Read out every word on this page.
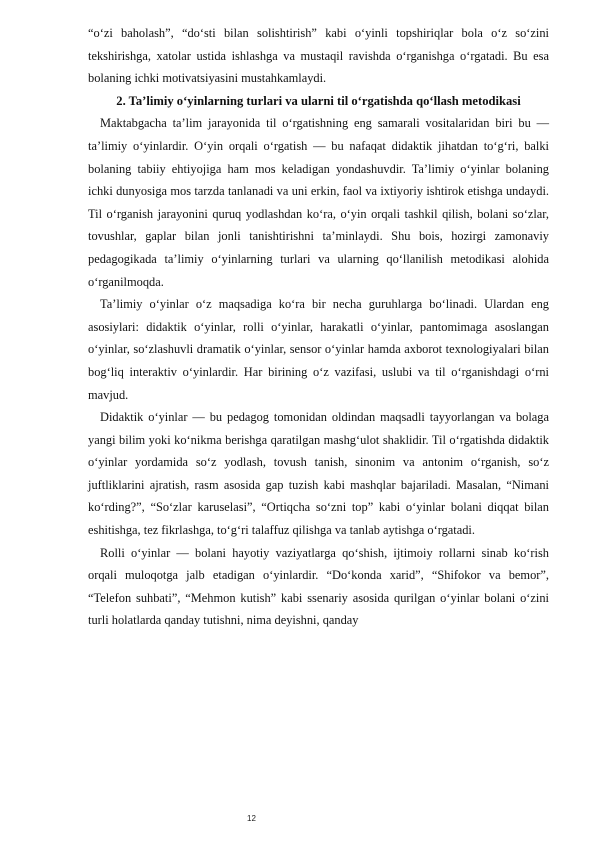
“o‘zi baholash”, “do‘sti bilan solishtirish” kabi o‘yinli topshiriqlar bola o‘z so‘zini tekshirishga, xatolar ustida ishlashga va mustaqil ravishda o‘rganishga o‘rgatadi. Bu esa bolaning ichki motivatsiyasini mustahkamlaydi.

2. Ta’limiy o‘yinlarning turlari va ularni til o‘rgatishda qo‘llash metodikasi

Maktabgacha ta’lim jarayonida til o‘rgatishning eng samarali vositalaridan biri bu — ta’limiy o‘yinlardir. O‘yin orqali o‘rgatish — bu nafaqat didaktik jihatdan to‘g‘ri, balki bolaning tabiiy ehtiyojiga ham mos keladigan yondashuvdir. Ta’limiy o‘yinlar bolaning ichki dunyosiga mos tarzda tanlanadi va uni erkin, faol va ixtiyoriy ishtirok etishga undaydi. Til o‘rganish jarayonini quruq yodlashdan ko‘ra, o‘yin orqali tashkil qilish, bolani so‘zlar, tovushlar, gaplar bilan jonli tanishtirishni ta’minlaydi. Shu bois, hozirgi zamonaviy pedagogikada ta’limiy o‘yinlarning turlari va ularning qo‘llanilish metodikasi alohida o‘rganilmoqda.

Ta’limiy o‘yinlar o‘z maqsadiga ko‘ra bir necha guruhlarga bo‘linadi. Ulardan eng asosiylari: didaktik o‘yinlar, rolli o‘yinlar, harakatli o‘yinlar, pantomimaga asoslangan o‘yinlar, so‘zlashuvli dramatik o‘yinlar, sensor o‘yinlar hamda axborot texnologiyalari bilan bog‘liq interaktiv o‘yinlardir. Har birining o‘z vazifasi, uslubi va til o‘rganishdagi o‘rni mavjud.

Didaktik o‘yinlar — bu pedagog tomonidan oldindan maqsadli tayyorlangan va bolaga yangi bilim yoki ko‘nikma berishga qaratilgan mashg‘ulot shaklidir. Til o‘rgatishda didaktik o‘yinlar yordamida so‘z yodlash, tovush tanish, sinonim va antonim o‘rganish, so‘z juftliklarini ajratish, rasm asosida gap tuzish kabi mashqlar bajariladi. Masalan, “Nimani ko‘rding?”, “So‘zlar karuselasi”, “Ortiqcha so‘zni top” kabi o‘yinlar bolani diqqat bilan eshitishga, tez fikrlashga, to‘g‘ri talaffuz qilishga va tanlab aytishga o‘rgatadi.

Rolli o‘yinlar — bolani hayotiy vaziyatlarga qo‘shish, ijtimoiy rollarni sinab ko‘rish orqali muloqotga jalb etadigan o‘yinlardir. “Do‘konda xarid”, “Shifokor va bemor”, “Telefon suhbati”, “Mehmon kutish” kabi ssenariy asosida qurilgan o‘yinlar bolani o‘zini turli holatlarda qanday tutishni, nima deyishni, qanday

12
